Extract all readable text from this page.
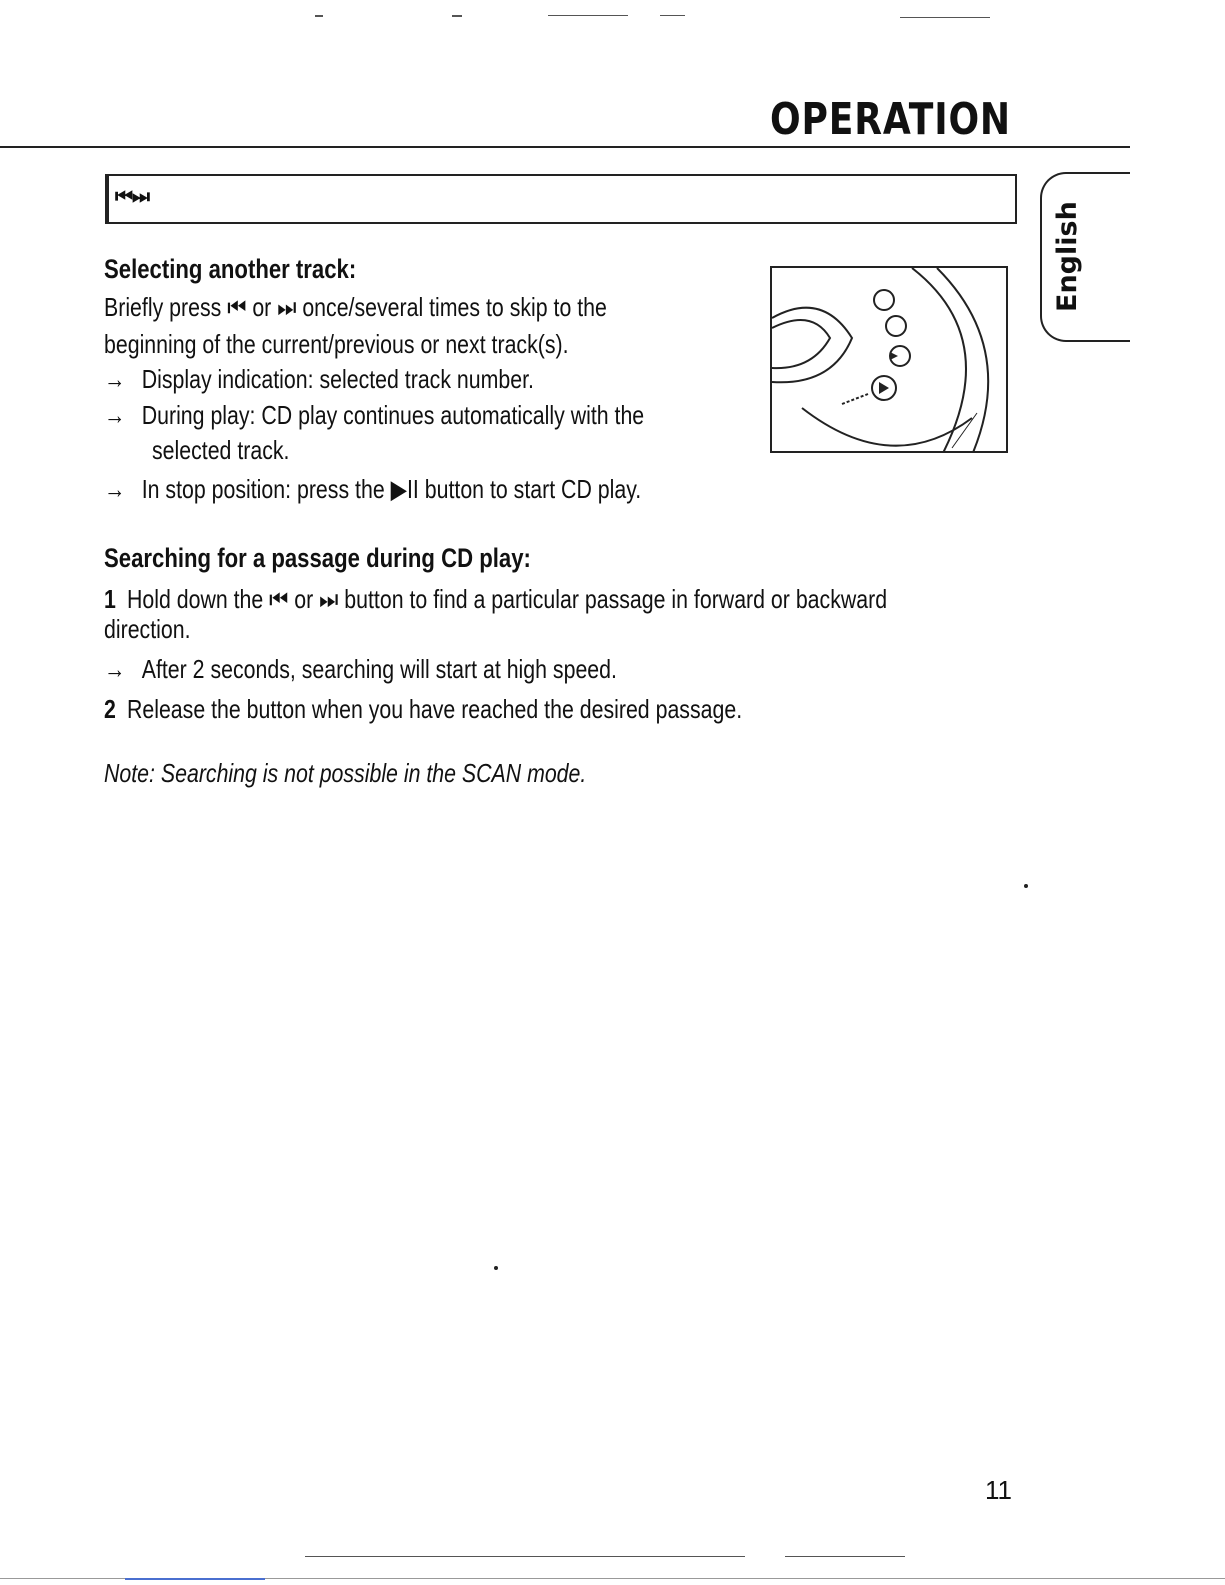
OPERATION
⏮⏭
English
Selecting another track:
Briefly press ⏮ or ⏭ once/several times to skip to the
beginning of the current/previous or next track(s).
→ Display indication: selected track number.
→ During play: CD play continues automatically with the
selected track.
→ In stop position: press the ▶II button to start CD play.
Searching for a passage during CD play:
1 Hold down the ⏮ or ⏭ button to find a particular passage in forward or backward
direction.
→ After 2 seconds, searching will start at high speed.
2 Release the button when you have reached the desired passage.
Note: Searching is not possible in the SCAN mode.
11
